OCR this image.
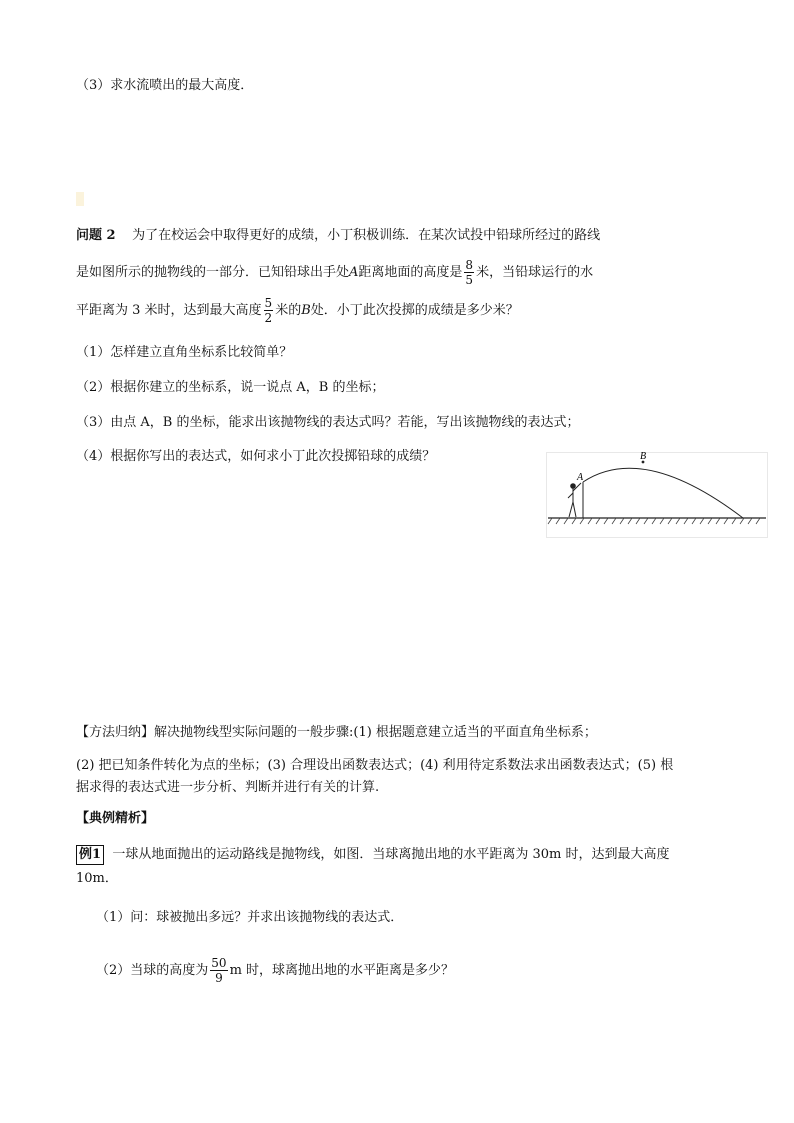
（3）求水流喷出的最大高度．
问题 2 为了在校运会中取得更好的成绩，小丁积极训练．在某次试投中铅球所经过的路线
是如图所示的抛物线的一部分．已知铅球出手处A距离地面的高度是 $\frac{8}{5}$ 米，当铅球运行的水
平距离为 3 米时，达到最大高度 $\frac{5}{2}$ 米的B处．小丁此次投掷的成绩是多少米？
（1）怎样建立直角坐标系比较简单？
（2）根据你建立的坐标系，说一说点 A，B 的坐标；
（3）由点 A，B 的坐标，能求出该抛物线的表达式吗？若能，写出该抛物线的表达式；
（4）根据你写出的表达式，如何求小丁此次投掷铅球的成绩？
A
B
【方法归纳】解决抛物线型实际问题的一般步骤:(1) 根据题意建立适当的平面直角坐标系；
(2) 把已知条件转化为点的坐标；(3) 合理设出函数表达式；(4) 利用待定系数法求出函数表达式；(5) 根
据求得的表达式进一步分析、判断并进行有关的计算.
【典例精析】
例1 一球从地面抛出的运动路线是抛物线，如图．当球离抛出地的水平距离为 30m 时，达到最大高度
10m．
（1）问：球被抛出多远？并求出该抛物线的表达式．
（2）当球的高度为 $\frac{50}{9}$ m 时，球离抛出地的水平距离是多少？
